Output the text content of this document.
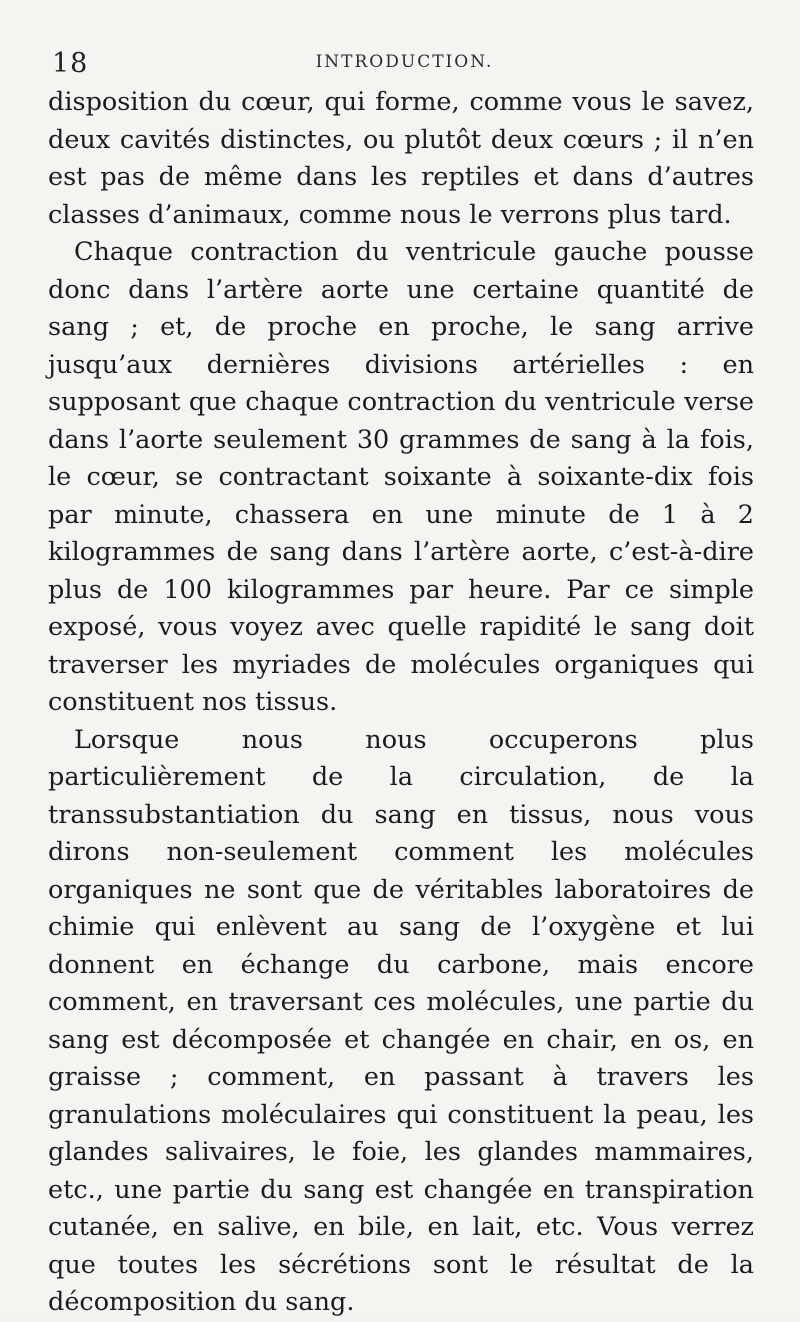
18	INTRODUCTION.

disposition du cœur, qui forme, comme vous le savez, deux cavités distinctes, ou plutôt deux cœurs ; il n’en est pas de même dans les reptiles et dans d’autres classes d’animaux, comme nous le verrons plus tard.

Chaque contraction du ventricule gauche pousse donc dans l’artère aorte une certaine quantité de sang ; et, de proche en proche, le sang arrive jusqu’aux dernières divisions artérielles : en supposant que chaque contraction du ventricule verse dans l’aorte seulement 30 grammes de sang à la fois, le cœur, se contractant soixante à soixante-dix fois par minute, chassera en une minute de 1 à 2 kilogrammes de sang dans l’artère aorte, c’est-à-dire plus de 100 kilogrammes par heure. Par ce simple exposé, vous voyez avec quelle rapidité le sang doit traverser les myriades de molécules organiques qui constituent nos tissus.

Lorsque nous nous occuperons plus particulièrement de la circulation, de la transsubstantiation du sang en tissus, nous vous dirons non-seulement comment les molécules organiques ne sont que de véritables laboratoires de chimie qui enlèvent au sang de l’oxygène et lui donnent en échange du carbone, mais encore comment, en traversant ces molécules, une partie du sang est décomposée et changée en chair, en os, en graisse ; comment, en passant à travers les granulations moléculaires qui constituent la peau, les glandes salivaires, le foie, les glandes mammaires, etc., une partie du sang est changée en transpiration cutanée, en salive, en bile, en lait, etc. Vous verrez que toutes les sécrétions sont le résultat de la décomposition du sang.
